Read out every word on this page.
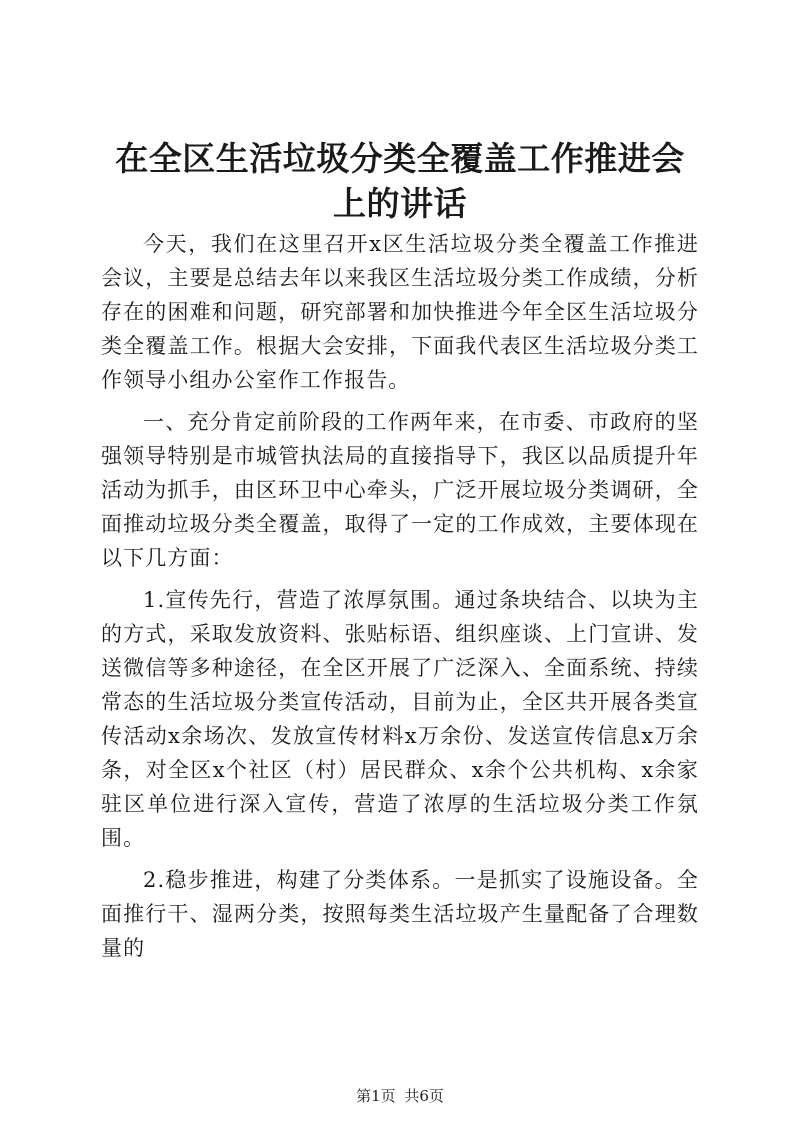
在全区生活垃圾分类全覆盖工作推进会上的讲话

今天，我们在这里召开x区生活垃圾分类全覆盖工作推进会议，主要是总结去年以来我区生活垃圾分类工作成绩，分析存在的困难和问题，研究部署和加快推进今年全区生活垃圾分类全覆盖工作。根据大会安排，下面我代表区生活垃圾分类工作领导小组办公室作工作报告。

一、充分肯定前阶段的工作两年来，在市委、市政府的坚强领导特别是市城管执法局的直接指导下，我区以品质提升年活动为抓手，由区环卫中心牵头，广泛开展垃圾分类调研，全面推动垃圾分类全覆盖，取得了一定的工作成效，主要体现在以下几方面：

1.宣传先行，营造了浓厚氛围。通过条块结合、以块为主的方式，采取发放资料、张贴标语、组织座谈、上门宣讲、发送微信等多种途径，在全区开展了广泛深入、全面系统、持续常态的生活垃圾分类宣传活动，目前为止，全区共开展各类宣传活动x余场次、发放宣传材料x万余份、发送宣传信息x万余条，对全区x个社区（村）居民群众、x余个公共机构、x余家驻区单位进行深入宣传，营造了浓厚的生活垃圾分类工作氛围。

2.稳步推进，构建了分类体系。一是抓实了设施设备。全面推行干、湿两分类，按照每类生活垃圾产生量配备了合理数量的

第1页 共6页
